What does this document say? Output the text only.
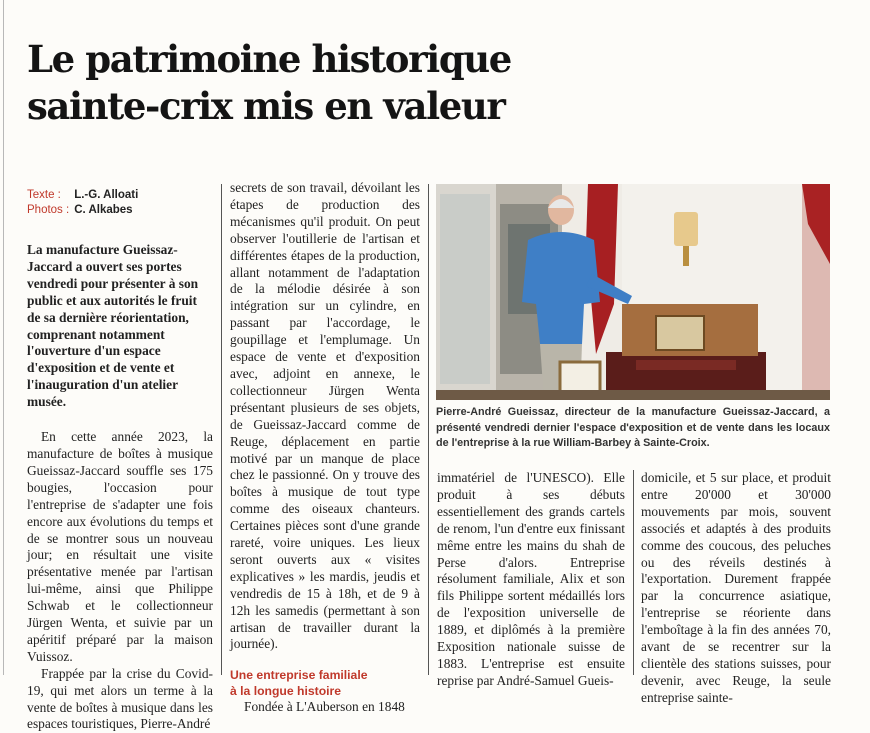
Le patrimoine historique
sainte-crix mis en valeur
Texte : L.-G. Alloati
Photos : C. Alkabes

La manufacture Gueissaz-Jaccard a ouvert ses portes vendredi pour présenter à son public et aux autorités le fruit de sa dernière réorientation, comprenant notamment l'ouverture d'un espace d'exposition et de vente et l'inauguration d'un atelier musée.

En cette année 2023, la manufacture de boîtes à musique Gueissaz-Jaccard souffle ses 175 bougies, l'occasion pour l'entreprise de s'adapter une fois encore aux évolutions du temps et de se montrer sous un nouveau jour; en résultait une visite présentative menée par l'artisan lui-même, ainsi que Philippe Schwab et le collectionneur Jürgen Wenta, et suivie par un apéritif préparé par la maison Vuissoz.

Frappée par la crise du Covid-19, qui met alors un terme à la vente de boîtes à musique dans les espaces touristiques, Pierre-André

secrets de son travail, dévoilant les étapes de production des mécanismes qu'il produit. On peut observer l'outillerie de l'artisan et différentes étapes de la production, allant notamment de l'adaptation de la mélodie désirée à son intégration sur un cylindre, en passant par l'accordage, le goupillage et l'emplumage. Un espace de vente et d'exposition avec, adjoint en annexe, le collectionneur Jürgen Wenta présentant plusieurs de ses objets, de Gueissaz-Jaccard comme de Reuge, déplacement en partie motivé par un manque de place chez le passionné. On y trouve des boîtes à musique de tout type comme des oiseaux chanteurs. Certaines pièces sont d'une grande rareté, voire uniques. Les lieux seront ouverts aux « visites explicatives » les mardis, jeudis et vendredis de 15 à 18h, et de 9 à 12h les samedis (permettant à son artisan de travailler durant la journée).

Une entreprise familiale
à la longue histoire

Fondée à L'Auberson en 1848

Pierre-André Gueissaz, directeur de la manufacture Gueissaz-Jaccard, a présenté vendredi dernier l'espace d'exposition et de vente dans les locaux de l'entreprise à la rue William-Barbey à Sainte-Croix.

immatériel de l'UNESCO). Elle produit à ses débuts essentiellement des grands cartels de renom, l'un d'entre eux finissant même entre les mains du shah de Perse d'alors. Entreprise résolument familiale, Alix et son fils Philippe sortent médaillés lors de l'exposition universelle de 1889, et diplômés à la première Exposition nationale suisse de 1883. L'entreprise est ensuite reprise par André-Samuel Gueis-

domicile, et 5 sur place, et produit entre 20'000 et 30'000 mouvements par mois, souvent associés et adaptés à des produits comme des coucous, des peluches ou des réveils destinés à l'exportation. Durement frappée par la concurrence asiatique, l'entreprise se réoriente dans l'emboîtage à la fin des années 70, avant de se recentrer sur la clientèle des stations suisses, pour devenir, avec Reuge, la seule entreprise sainte-
